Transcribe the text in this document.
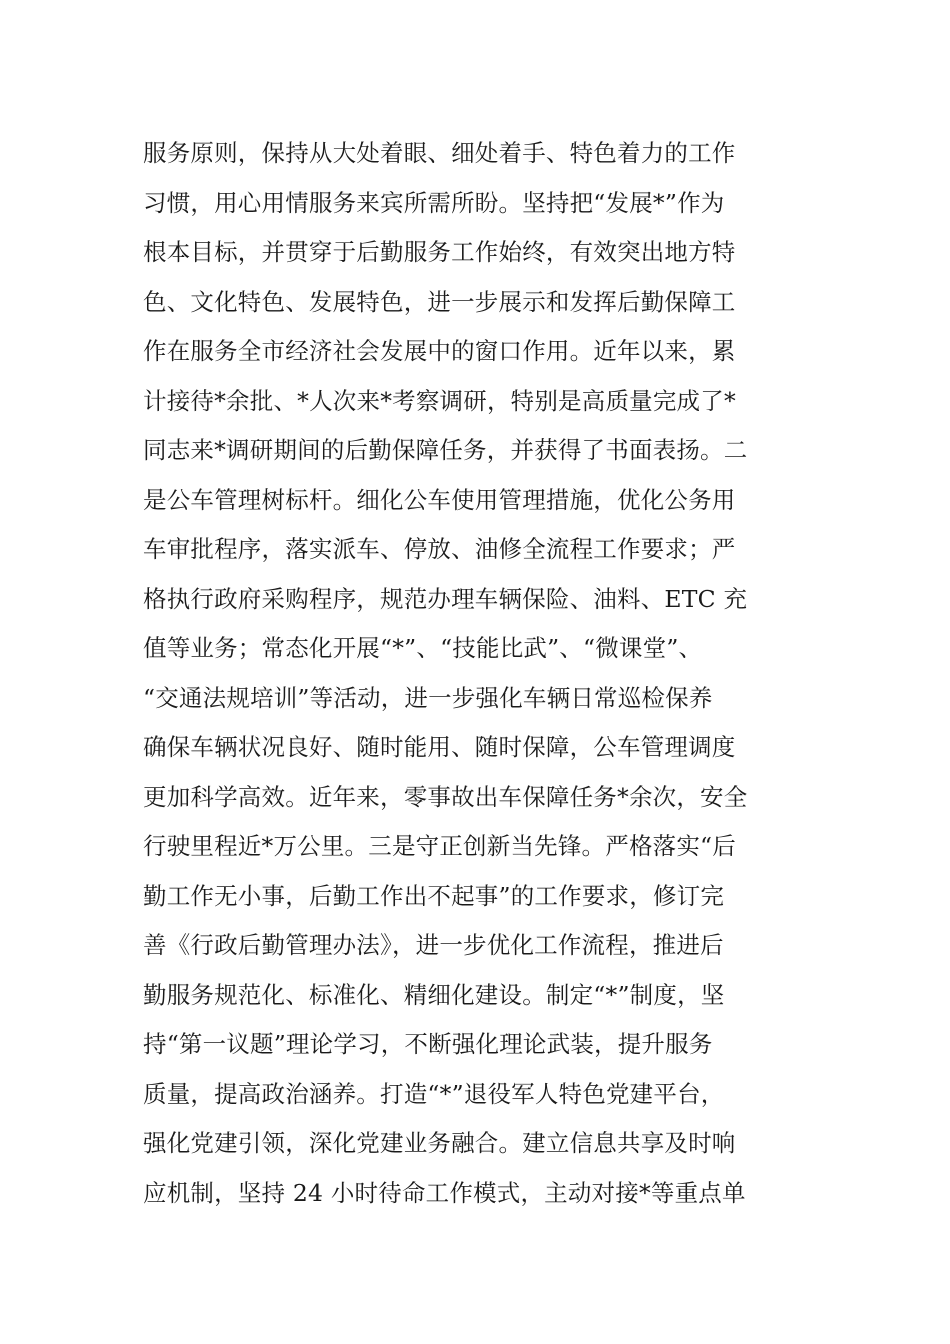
服务原则，保持从大处着眼、细处着手、特色着力的工作
习惯，用心用情服务来宾所需所盼。坚持把“发展*”作为
根本目标，并贯穿于后勤服务工作始终，有效突出地方特
色、文化特色、发展特色，进一步展示和发挥后勤保障工
作在服务全市经济社会发展中的窗口作用。近年以来，累
计接待*余批、*人次来*考察调研，特别是高质量完成了*
同志来*调研期间的后勤保障任务，并获得了书面表扬。二
是公车管理树标杆。细化公车使用管理措施，优化公务用
车审批程序，落实派车、停放、油修全流程工作要求；严
格执行政府采购程序，规范办理车辆保险、油料、ETC 充
值等业务；常态化开展“*”、“技能比武”、“微课堂”、
“交通法规培训”等活动，进一步强化车辆日常巡检保养
确保车辆状况良好、随时能用、随时保障，公车管理调度
更加科学高效。近年来，零事故出车保障任务*余次，安全
行驶里程近*万公里。三是守正创新当先锋。严格落实“后
勤工作无小事，后勤工作出不起事”的工作要求，修订完
善《行政后勤管理办法》，进一步优化工作流程，推进后
勤服务规范化、标准化、精细化建设。制定“*”制度，坚
持“第一议题”理论学习，不断强化理论武装，提升服务
质量，提高政治涵养。打造“*”退役军人特色党建平台，
强化党建引领，深化党建业务融合。建立信息共享及时响
应机制，坚持 24 小时待命工作模式，主动对接*等重点单
